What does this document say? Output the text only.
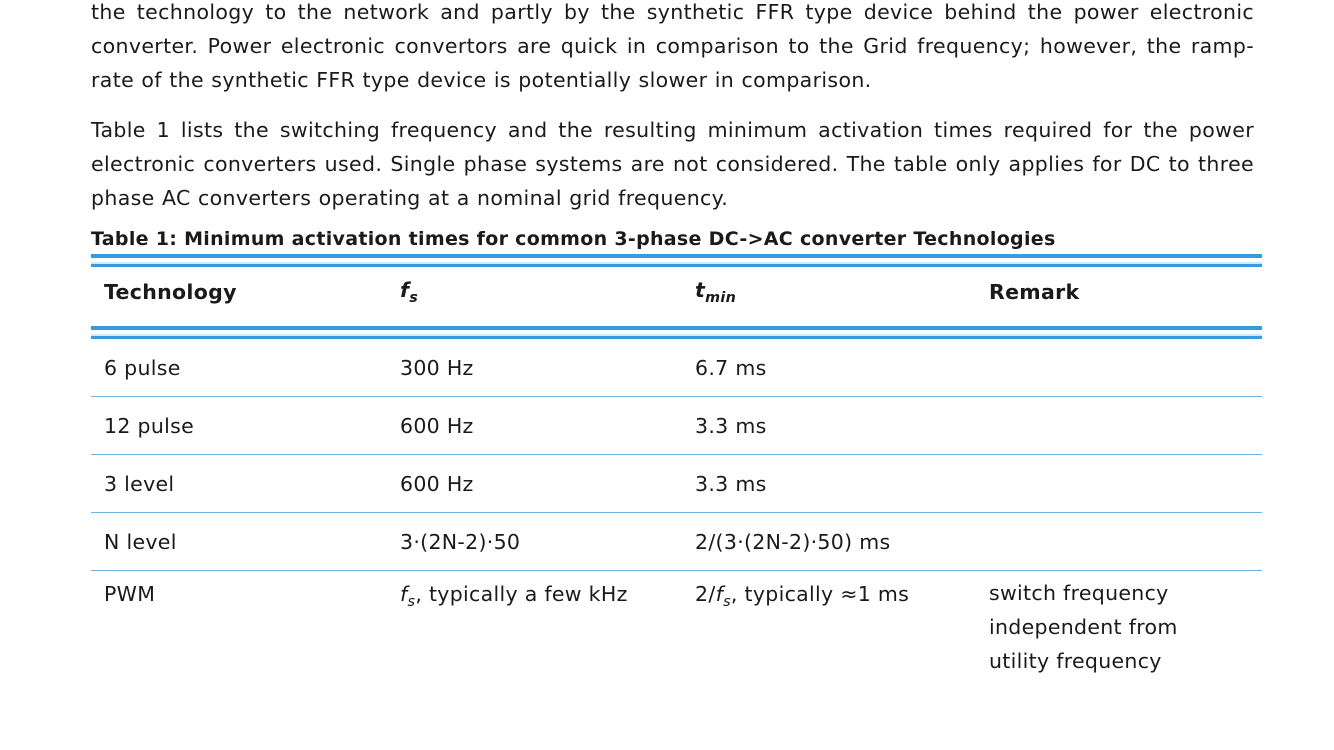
the technology to the network and partly by the synthetic FFR type device behind the power electronic converter. Power electronic convertors are quick in comparison to the Grid frequency; however, the ramp-rate of the synthetic FFR type device is potentially slower in comparison.

Table 1 lists the switching frequency and the resulting minimum activation times required for the power electronic converters used. Single phase systems are not considered. The table only applies for DC to three phase AC converters operating at a nominal grid frequency.

Table 1: Minimum activation times for common 3-phase DC->AC converter Technologies
Technology	$f_s$	$t_{min}$	Remark
6 pulse	300 Hz	6.7 ms
12 pulse	600 Hz	3.3 ms
3 level	600 Hz	3.3 ms
N level	3·(2N-2)·50	2/(3·(2N-2)·50) ms
PWM	$f_s$, typically a few kHz	$2/f_s$, typically ≈1 ms	switch frequency
independent from
utility frequency
